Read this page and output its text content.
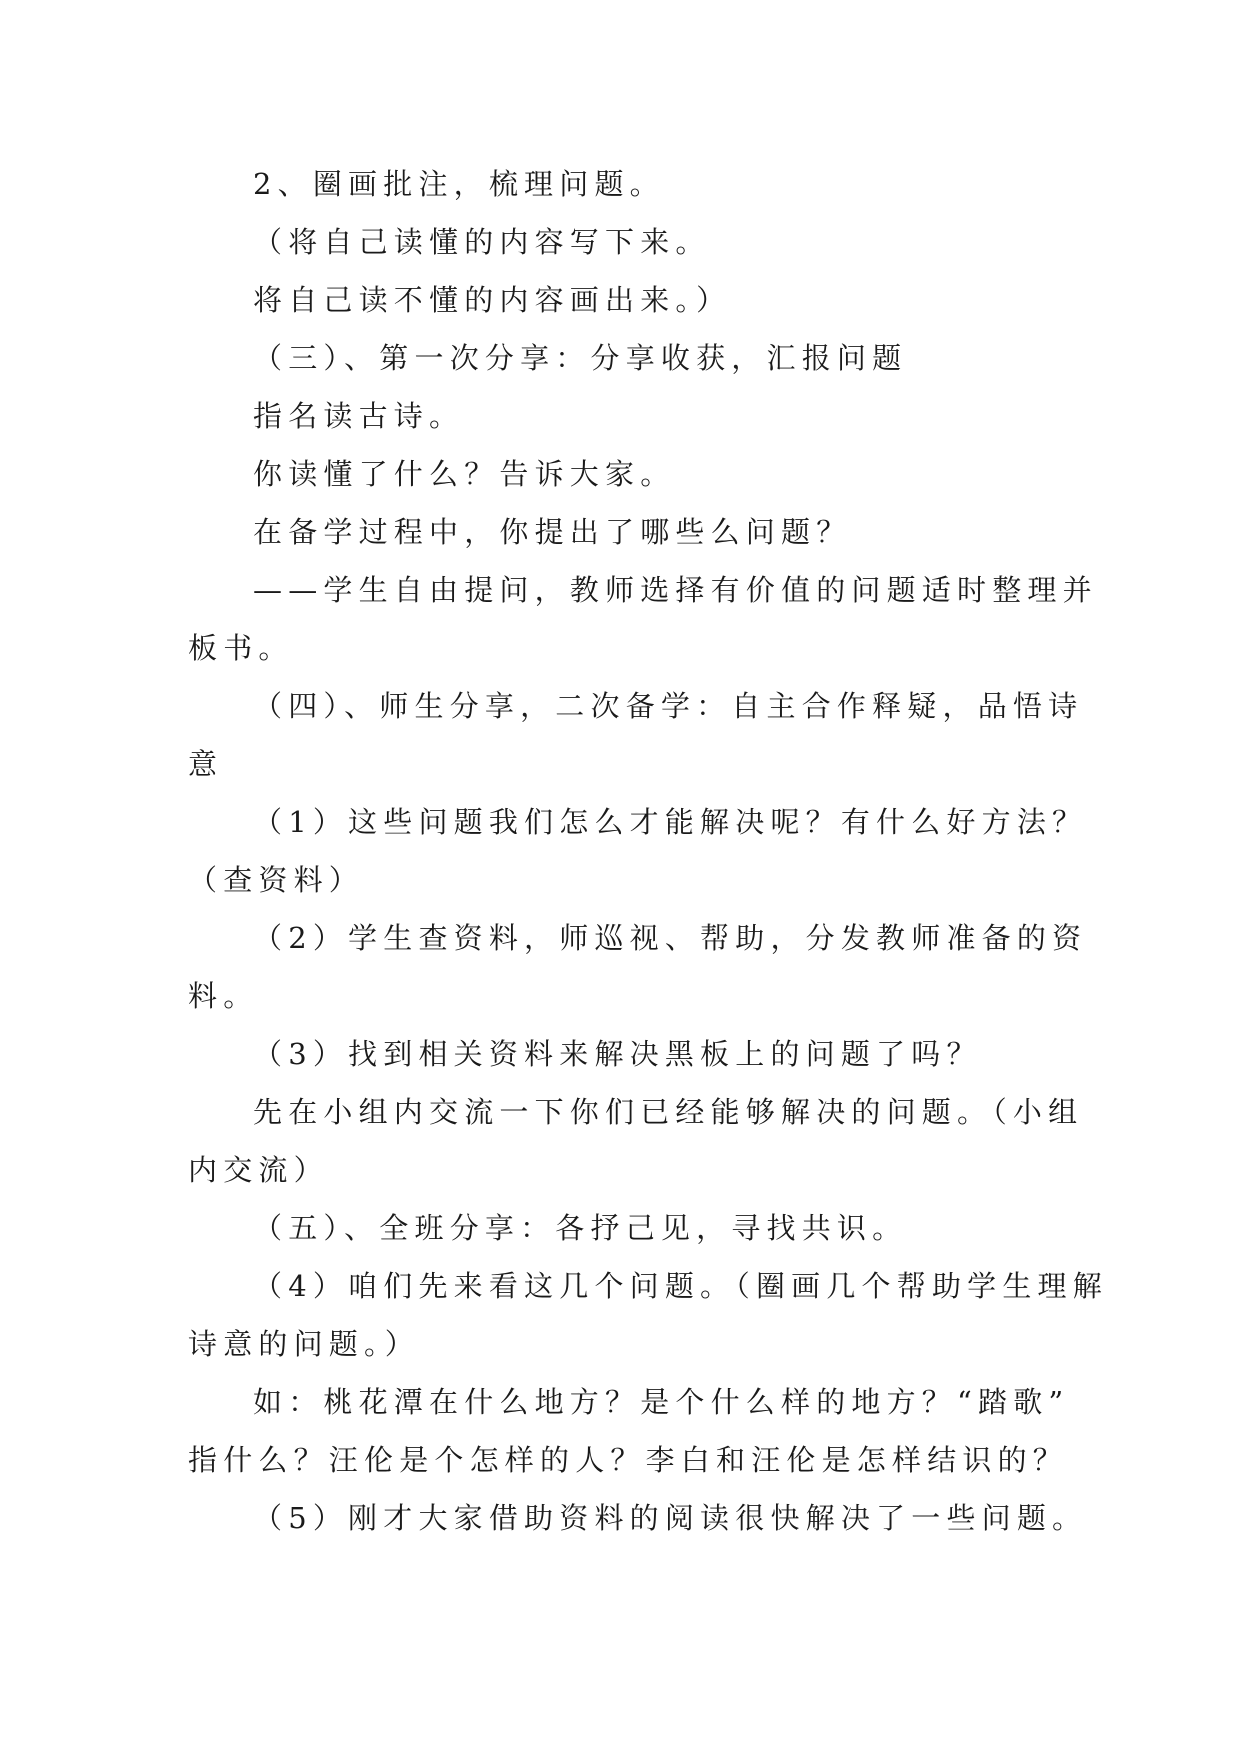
2、圈画批注，梳理问题。

（将自己读懂的内容写下来。

将自己读不懂的内容画出来。）

（三）、第一次分享：分享收获，汇报问题

指名读古诗。

你读懂了什么？告诉大家。

在备学过程中，你提出了哪些么问题？

——学生自由提问，教师选择有价值的问题适时整理并

板书。

（四）、师生分享，二次备学：自主合作释疑，品悟诗

意

（1）这些问题我们怎么才能解决呢？有什么好方法？

（查资料）

（2）学生查资料，师巡视、帮助，分发教师准备的资

料。

（3）找到相关资料来解决黑板上的问题了吗？

先在小组内交流一下你们已经能够解决的问题。（小组

内交流）

（五）、全班分享：各抒己见，寻找共识。

（4）咱们先来看这几个问题。（圈画几个帮助学生理解

诗意的问题。）

如：桃花潭在什么地方？是个什么样的地方？“踏歌”

指什么？汪伦是个怎样的人？李白和汪伦是怎样结识的？

（5）刚才大家借助资料的阅读很快解决了一些问题。
